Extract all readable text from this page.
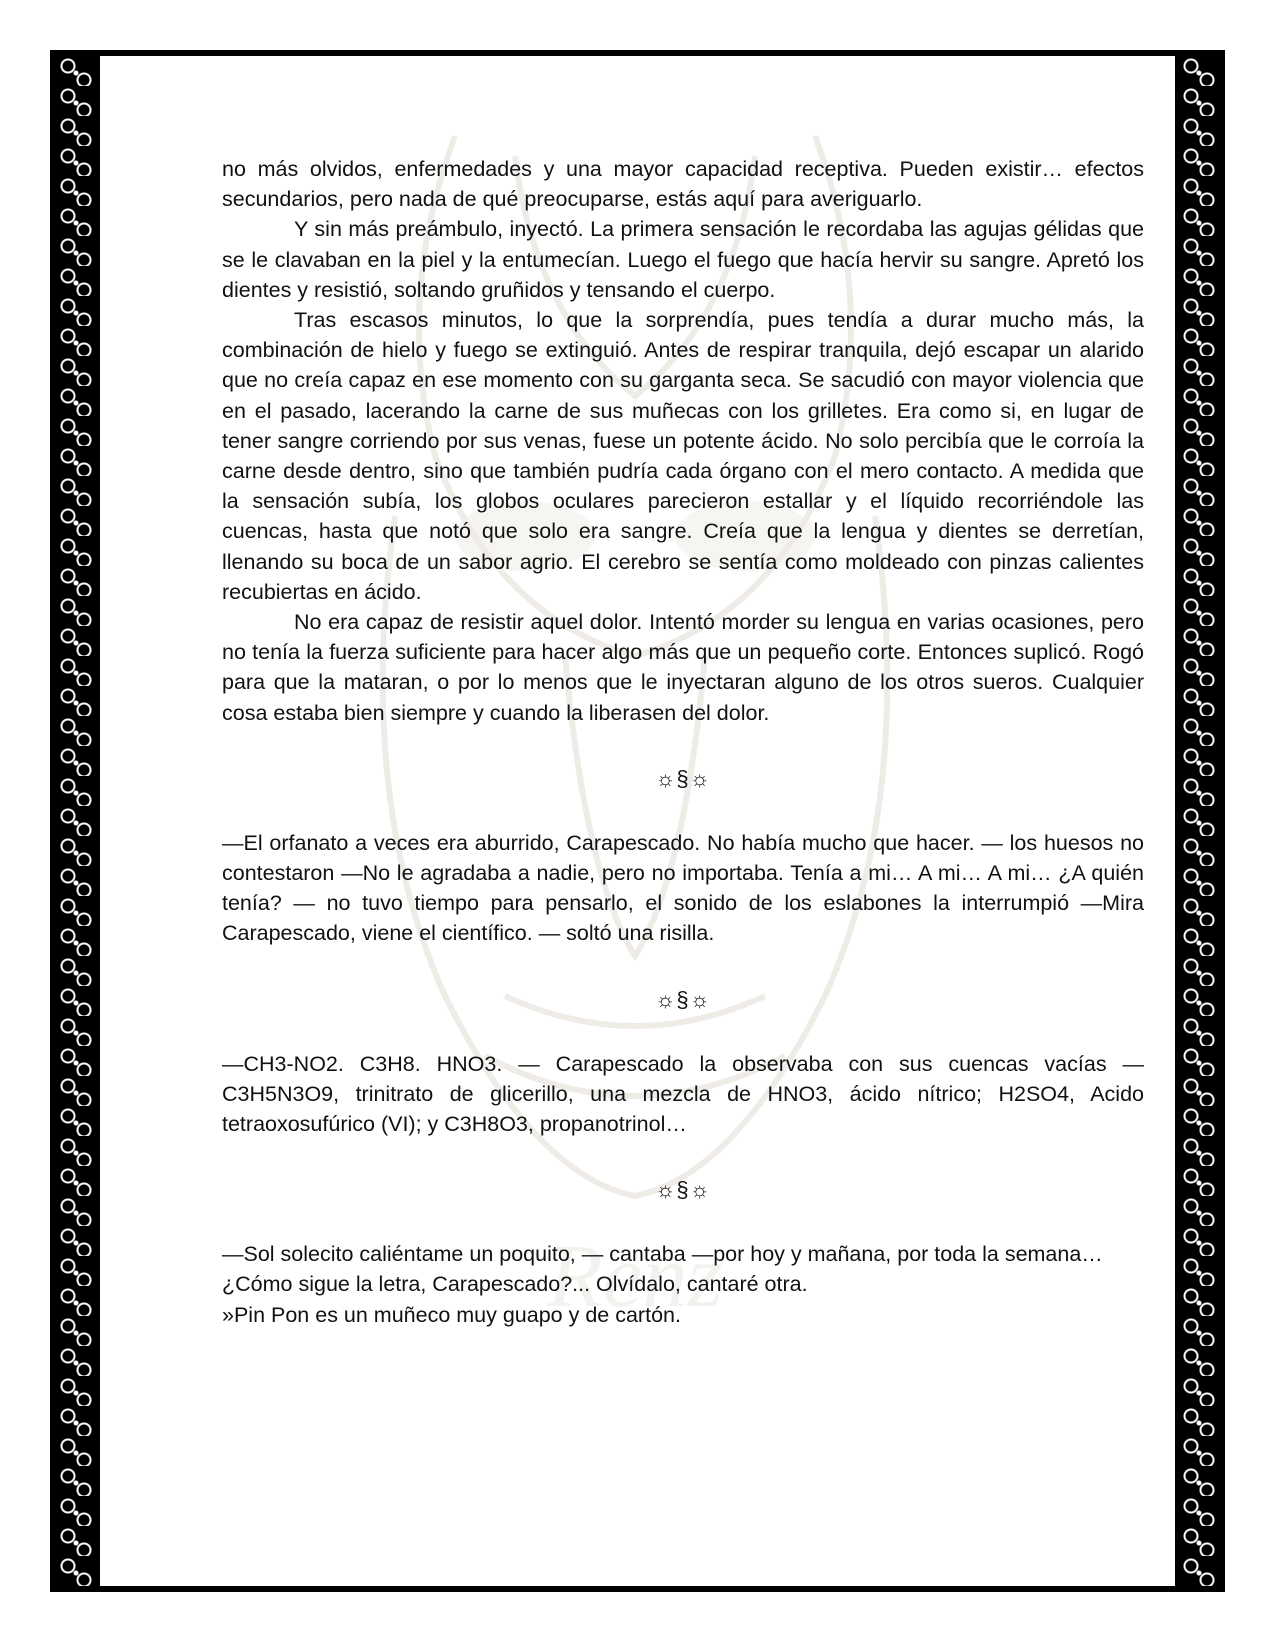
Renz

no más olvidos, enfermedades y una mayor capacidad receptiva. Pueden existir… efectos secundarios, pero nada de qué preocuparse, estás aquí para averiguarlo.

Y sin más preámbulo, inyectó. La primera sensación le recordaba las agujas gélidas que se le clavaban en la piel y la entumecían. Luego el fuego que hacía hervir su sangre. Apretó los dientes y resistió, soltando gruñidos y tensando el cuerpo.

Tras escasos minutos, lo que la sorprendía, pues tendía a durar mucho más, la combinación de hielo y fuego se extinguió. Antes de respirar tranquila, dejó escapar un alarido que no creía capaz en ese momento con su garganta seca. Se sacudió con mayor violencia que en el pasado, lacerando la carne de sus muñecas con los grilletes. Era como si, en lugar de tener sangre corriendo por sus venas, fuese un potente ácido. No solo percibía que le corroía la carne desde dentro, sino que también pudría cada órgano con el mero contacto. A medida que la sensación subía, los globos oculares parecieron estallar y el líquido recorriéndole las cuencas, hasta que notó que solo era sangre. Creía que la lengua y dientes se derretían, llenando su boca de un sabor agrio. El cerebro se sentía como moldeado con pinzas calientes recubiertas en ácido.

No era capaz de resistir aquel dolor. Intentó morder su lengua en varias ocasiones, pero no tenía la fuerza suficiente para hacer algo más que un pequeño corte. Entonces suplicó. Rogó para que la mataran, o por lo menos que le inyectaran alguno de los otros sueros. Cualquier cosa estaba bien siempre y cuando la liberasen del dolor.

☼§☼

—El orfanato a veces era aburrido, Carapescado. No había mucho que hacer. — los huesos no contestaron —No le agradaba a nadie, pero no importaba. Tenía a mi… A mi… A mi… ¿A quién tenía? — no tuvo tiempo para pensarlo, el sonido de los eslabones la interrumpió —Mira Carapescado, viene el científico. — soltó una risilla.

☼§☼

—CH3-NO2. C3H8. HNO3. — Carapescado la observaba con sus cuencas vacías —C3H5N3O9, trinitrato de glicerillo, una mezcla de HNO3, ácido nítrico; H2SO4, Acido tetraoxosufúrico (VI); y C3H8O3, propanotrinol…

☼§☼

—Sol solecito caliéntame un poquito, — cantaba —por hoy y mañana, por toda la semana… ¿Cómo sigue la letra, Carapescado?... Olvídalo, cantaré otra.

»Pin Pon es un muñeco muy guapo y de cartón.
